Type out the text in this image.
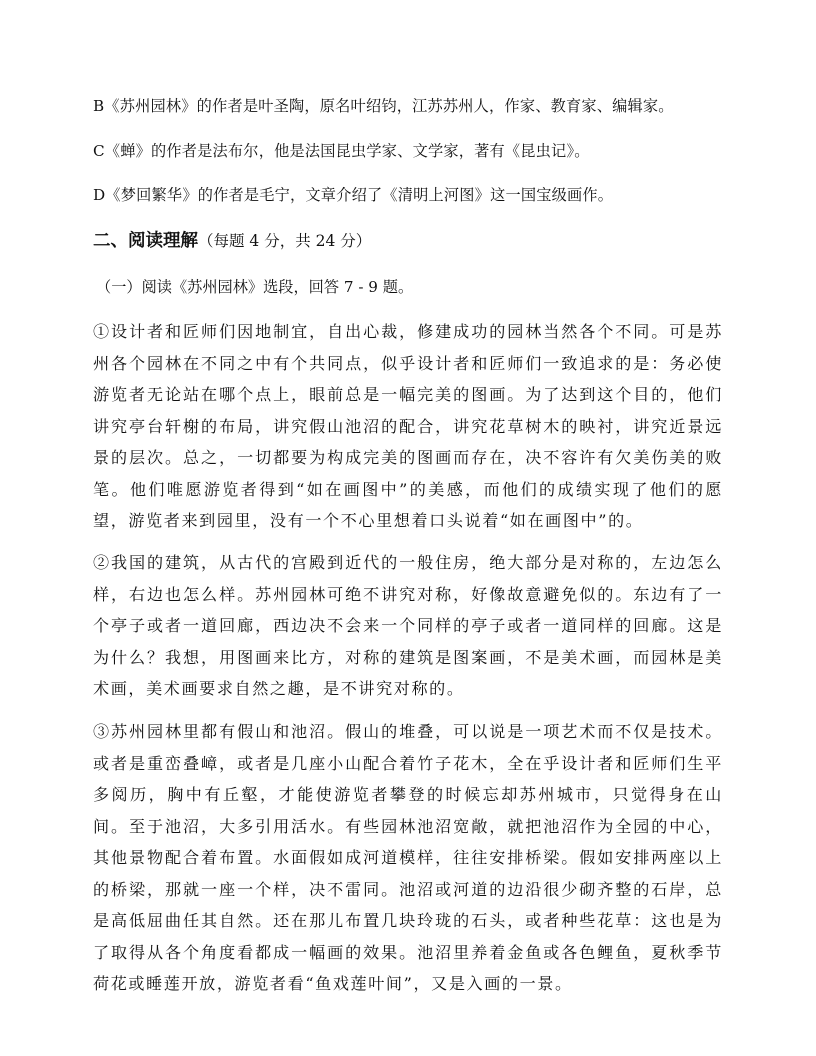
B《苏州园林》的作者是叶圣陶，原名叶绍钧，江苏苏州人，作家、教育家、编辑家。
C《蝉》的作者是法布尔，他是法国昆虫学家、文学家，著有《昆虫记》。
D《梦回繁华》的作者是毛宁，文章介绍了《清明上河图》这一国宝级画作。
二、阅读理解（每题 4 分，共 24 分）
（一）阅读《苏州园林》选段，回答 7 - 9 题。

①设计者和匠师们因地制宜，自出心裁，修建成功的园林当然各个不同。可是苏州各个园林在不同之中有个共同点，似乎设计者和匠师们一致追求的是：务必使游览者无论站在哪个点上，眼前总是一幅完美的图画。为了达到这个目的，他们讲究亭台轩榭的布局，讲究假山池沼的配合，讲究花草树木的映衬，讲究近景远景的层次。总之，一切都要为构成完美的图画而存在，决不容许有欠美伤美的败笔。他们唯愿游览者得到“如在画图中”的美感，而他们的成绩实现了他们的愿望，游览者来到园里，没有一个不心里想着口头说着“如在画图中”的。

②我国的建筑，从古代的宫殿到近代的一般住房，绝大部分是对称的，左边怎么样，右边也怎么样。苏州园林可绝不讲究对称，好像故意避免似的。东边有了一个亭子或者一道回廊，西边决不会来一个同样的亭子或者一道同样的回廊。这是为什么？我想，用图画来比方，对称的建筑是图案画，不是美术画，而园林是美术画，美术画要求自然之趣，是不讲究对称的。

③苏州园林里都有假山和池沼。假山的堆叠，可以说是一项艺术而不仅是技术。或者是重峦叠嶂，或者是几座小山配合着竹子花木，全在乎设计者和匠师们生平多阅历，胸中有丘壑，才能使游览者攀登的时候忘却苏州城市，只觉得身在山间。至于池沼，大多引用活水。有些园林池沼宽敞，就把池沼作为全园的中心，其他景物配合着布置。水面假如成河道模样，往往安排桥梁。假如安排两座以上的桥梁，那就一座一个样，决不雷同。池沼或河道的边沿很少砌齐整的石岸，总是高低屈曲任其自然。还在那儿布置几块玲珑的石头，或者种些花草：这也是为了取得从各个角度看都成一幅画的效果。池沼里养着金鱼或各色鲤鱼，夏秋季节荷花或睡莲开放，游览者看“鱼戏莲叶间”，又是入画的一景。
